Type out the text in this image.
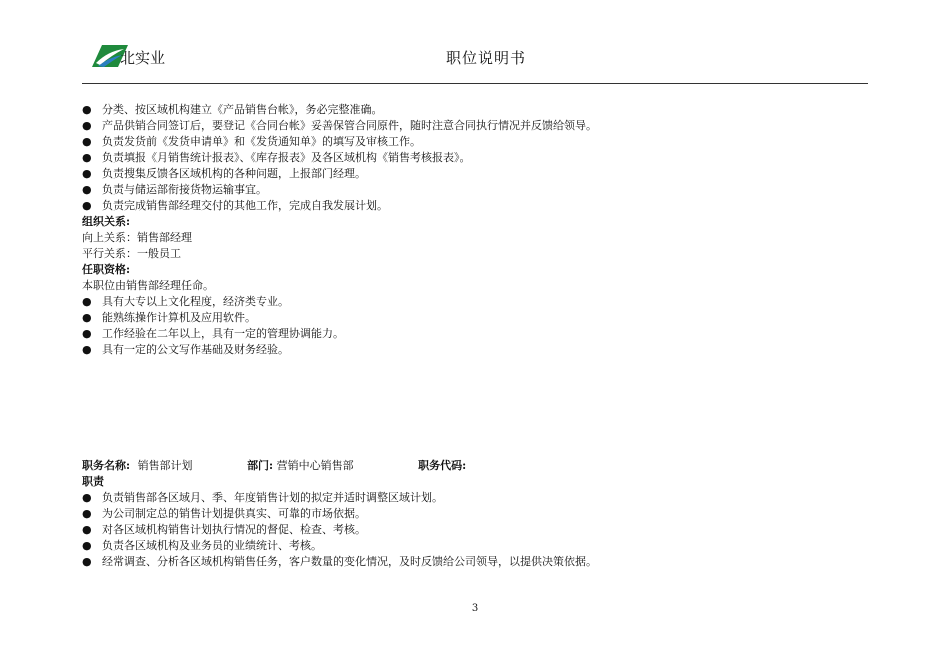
北实业	职位说明书
● 分类、按区域机构建立《产品销售台帐》，务必完整准确。
● 产品供销合同签订后，要登记《合同台帐》妥善保管合同原件，随时注意合同执行情况并反馈给领导。
● 负责发货前《发货申请单》和《发货通知单》的填写及审核工作。
● 负责填报《月销售统计报表》、《库存报表》及各区域机构《销售考核报表》。
● 负责搜集反馈各区域机构的各种问题，上报部门经理。
● 负责与储运部衔接货物运输事宜。
● 负责完成销售部经理交付的其他工作，完成自我发展计划。
组织关系:
向上关系：销售部经理
平行关系：一般员工
任职资格:
本职位由销售部经理任命。
● 具有大专以上文化程度，经济类专业。
● 能熟练操作计算机及应用软件。
● 工作经验在二年以上，具有一定的管理协调能力。
● 具有一定的公文写作基础及财务经验。
职务名称: 销售部计划	部门: 营销中心销售部	职务代码:
职责
● 负责销售部各区域月、季、年度销售计划的拟定并适时调整区域计划。
● 为公司制定总的销售计划提供真实、可靠的市场依据。
● 对各区域机构销售计划执行情况的督促、检查、考核。
● 负责各区域机构及业务员的业绩统计、考核。
● 经常调查、分析各区域机构销售任务，客户数量的变化情况，及时反馈给公司领导，以提供决策依据。
3
